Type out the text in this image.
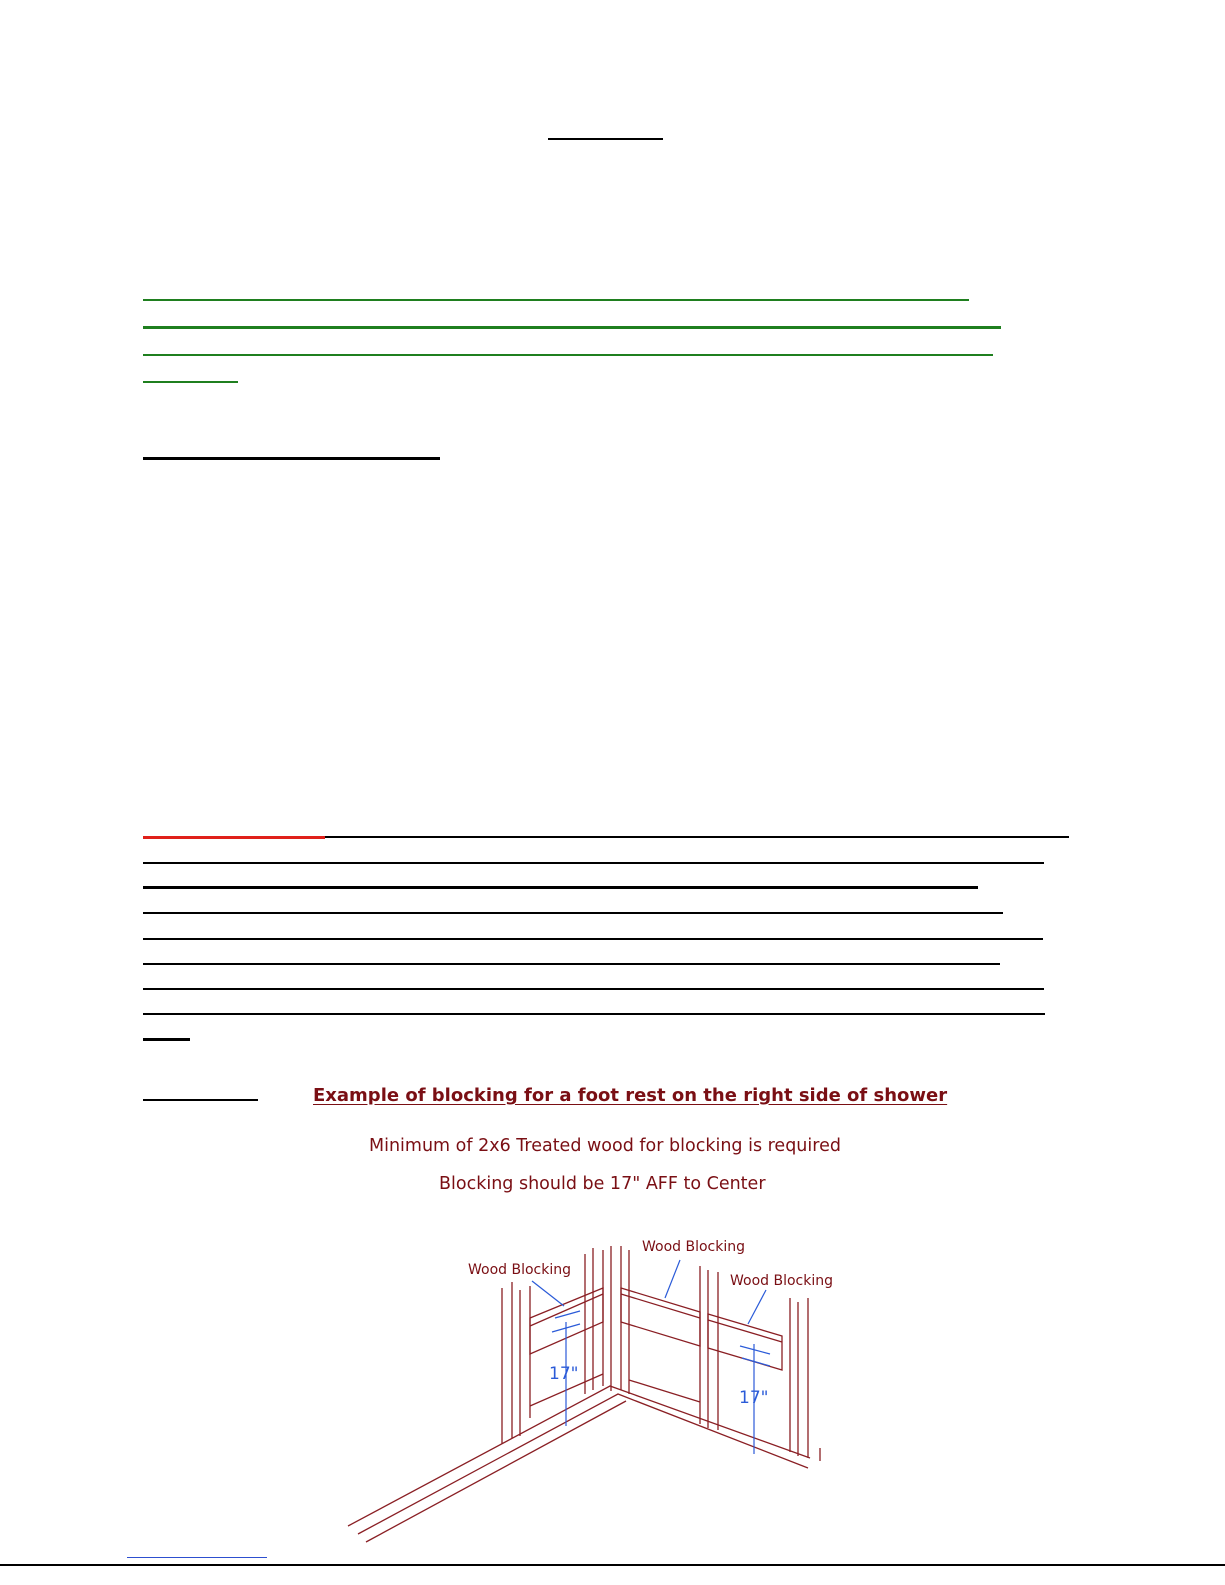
Example of blocking for a foot rest on the right side of shower
Minimum of 2x6 Treated wood for blocking is required
Blocking should be 17" AFF to Center
Wood Blocking
Wood Blocking
Wood Blocking
17"
17"
